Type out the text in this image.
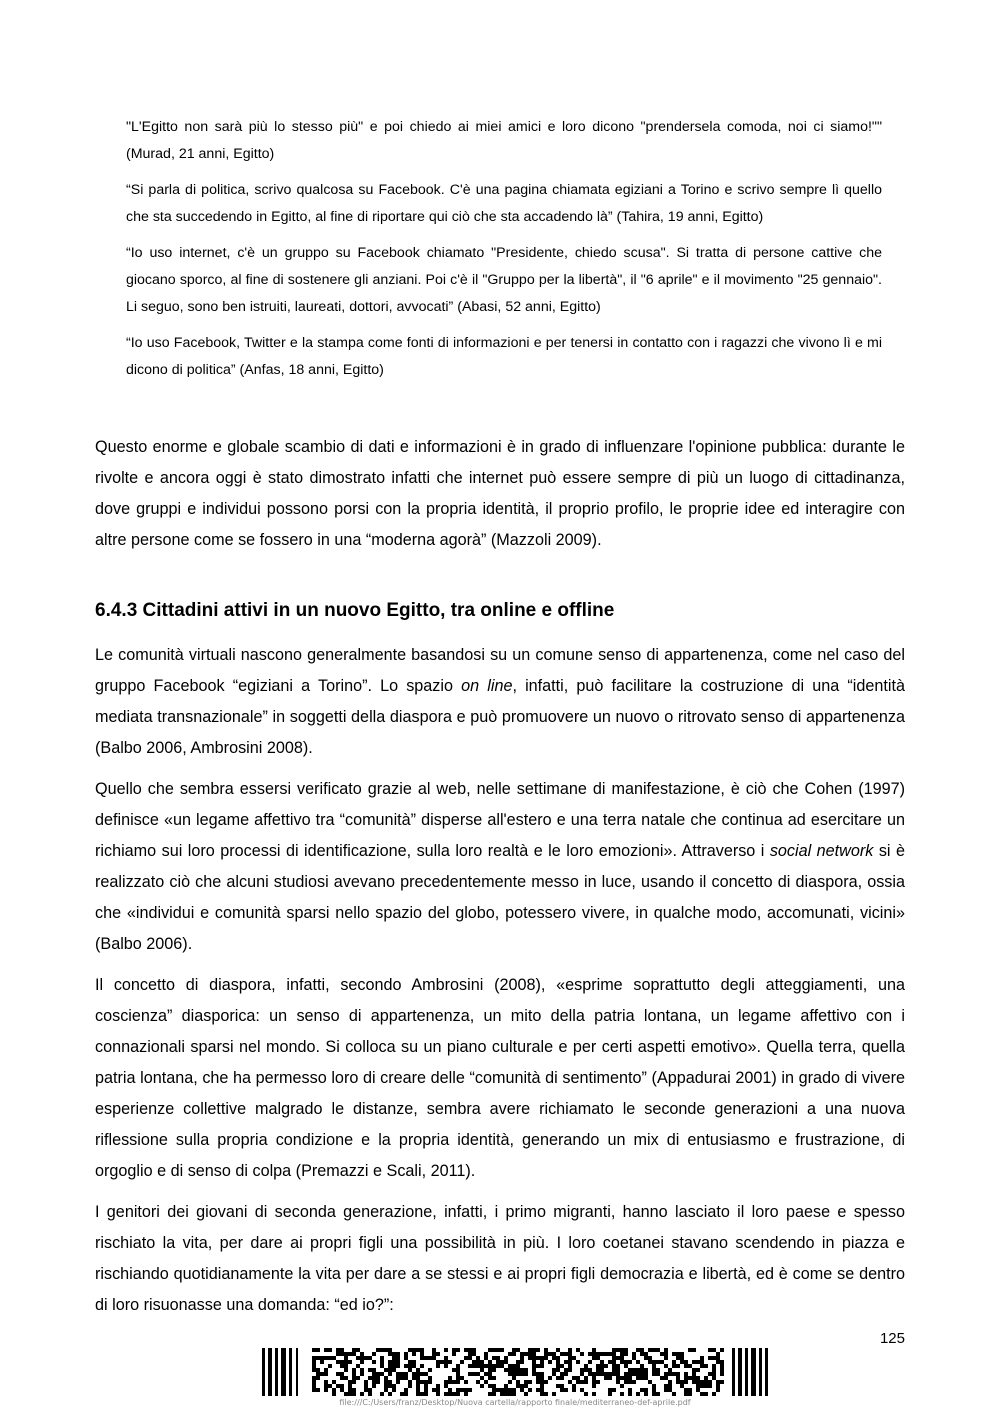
"L'Egitto non sarà più lo stesso più" e poi chiedo ai miei amici e loro dicono "prendersela comoda, noi ci siamo!"" (Murad, 21 anni, Egitto)

“Si parla di politica, scrivo qualcosa su Facebook. C'è una pagina chiamata egiziani a Torino e scrivo sempre lì quello che sta succedendo in Egitto, al fine di riportare qui ciò che sta accadendo là” (Tahira, 19 anni, Egitto)

“Io uso internet, c'è un gruppo su Facebook chiamato "Presidente, chiedo scusa". Si tratta di persone cattive che giocano sporco, al fine di sostenere gli anziani. Poi c'è il "Gruppo per la libertà", il "6 aprile" e il movimento "25 gennaio". Li seguo, sono ben istruiti, laureati, dottori, avvocati” (Abasi, 52 anni, Egitto)

“Io uso Facebook, Twitter e la stampa come fonti di informazioni e per tenersi in contatto con i ragazzi che vivono lì e mi dicono di politica” (Anfas, 18 anni, Egitto)

Questo enorme e globale scambio di dati e informazioni è in grado di influenzare l'opinione pubblica: durante le rivolte e ancora oggi è stato dimostrato infatti che internet può essere sempre di più un luogo di cittadinanza, dove gruppi e individui possono porsi con la propria identità, il proprio profilo, le proprie idee ed interagire con altre persone come se fossero in una “moderna agorà” (Mazzoli 2009).

6.4.3 Cittadini attivi in un nuovo Egitto, tra online e offline

Le comunità virtuali nascono generalmente basandosi su un comune senso di appartenenza, come nel caso del gruppo Facebook “egiziani a Torino”. Lo spazio on line, infatti, può facilitare la costruzione di una “identità mediata transnazionale” in soggetti della diaspora e può promuovere un nuovo o ritrovato senso di appartenenza (Balbo 2006, Ambrosini 2008).

Quello che sembra essersi verificato grazie al web, nelle settimane di manifestazione, è ciò che Cohen (1997) definisce «un legame affettivo tra “comunità” disperse all'estero e una terra natale che continua ad esercitare un richiamo sui loro processi di identificazione, sulla loro realtà e le loro emozioni». Attraverso i social network si è realizzato ciò che alcuni studiosi avevano precedentemente messo in luce, usando il concetto di diaspora, ossia che «individui e comunità sparsi nello spazio del globo, potessero vivere, in qualche modo, accomunati, vicini» (Balbo 2006).

Il concetto di diaspora, infatti, secondo Ambrosini (2008), «esprime soprattutto degli atteggiamenti, una coscienza” diasporica: un senso di appartenenza, un mito della patria lontana, un legame affettivo con i connazionali sparsi nel mondo. Si colloca su un piano culturale e per certi aspetti emotivo». Quella terra, quella patria lontana, che ha permesso loro di creare delle “comunità di sentimento” (Appadurai 2001) in grado di vivere esperienze collettive malgrado le distanze, sembra avere richiamato le seconde generazioni a una nuova riflessione sulla propria condizione e la propria identità, generando un mix di entusiasmo e frustrazione, di orgoglio e di senso di colpa (Premazzi e Scali, 2011).

I genitori dei giovani di seconda generazione, infatti, i primo migranti, hanno lasciato il loro paese e spesso rischiato la vita, per dare ai propri figli una possibilità in più. I loro coetanei stavano scendendo in piazza e rischiando quotidianamente la vita per dare a se stessi e ai propri figli democrazia e libertà, ed è come se dentro di loro risuonasse una domanda: “ed io?”:

125
file:///C:/Users/franz/Desktop/Nuova cartella/rapporto finale/mediterraneo-def-aprile.pdf
